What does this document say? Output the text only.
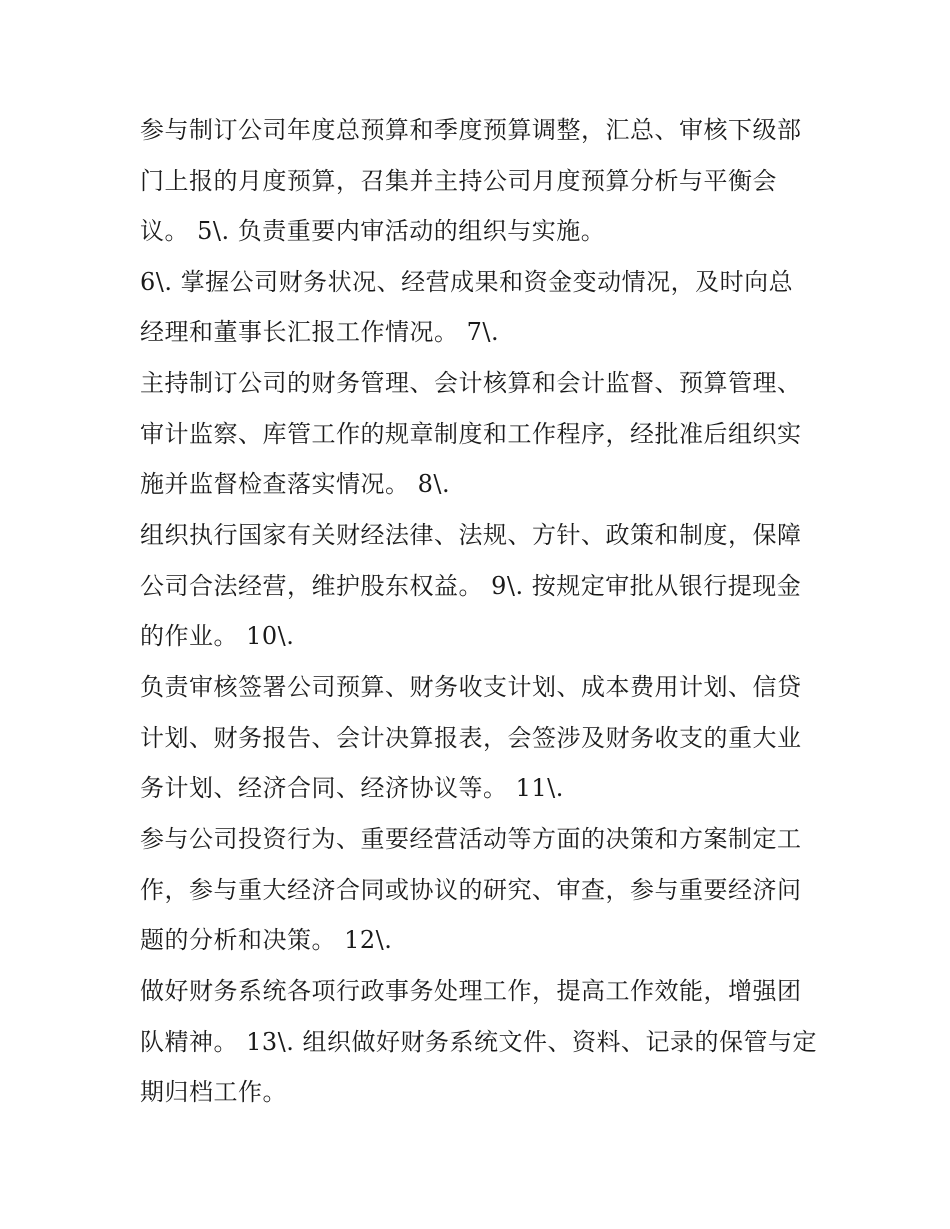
参与制订公司年度总预算和季度预算调整，汇总、审核下级部
门上报的月度预算，召集并主持公司月度预算分析与平衡会
议。 5\. 负责重要内审活动的组织与实施。
6\. 掌握公司财务状况、经营成果和资金变动情况，及时向总
经理和董事长汇报工作情况。 7\.
主持制订公司的财务管理、会计核算和会计监督、预算管理、
审计监察、库管工作的规章制度和工作程序，经批准后组织实
施并监督检查落实情况。 8\.
组织执行国家有关财经法律、法规、方针、政策和制度，保障
公司合法经营，维护股东权益。 9\. 按规定审批从银行提现金
的作业。 10\.
负责审核签署公司预算、财务收支计划、成本费用计划、信贷
计划、财务报告、会计决算报表，会签涉及财务收支的重大业
务计划、经济合同、经济协议等。 11\.
参与公司投资行为、重要经营活动等方面的决策和方案制定工
作，参与重大经济合同或协议的研究、审查，参与重要经济问
题的分析和决策。 12\.
做好财务系统各项行政事务处理工作，提高工作效能，增强团
队精神。 13\. 组织做好财务系统文件、资料、记录的保管与定
期归档工作。
